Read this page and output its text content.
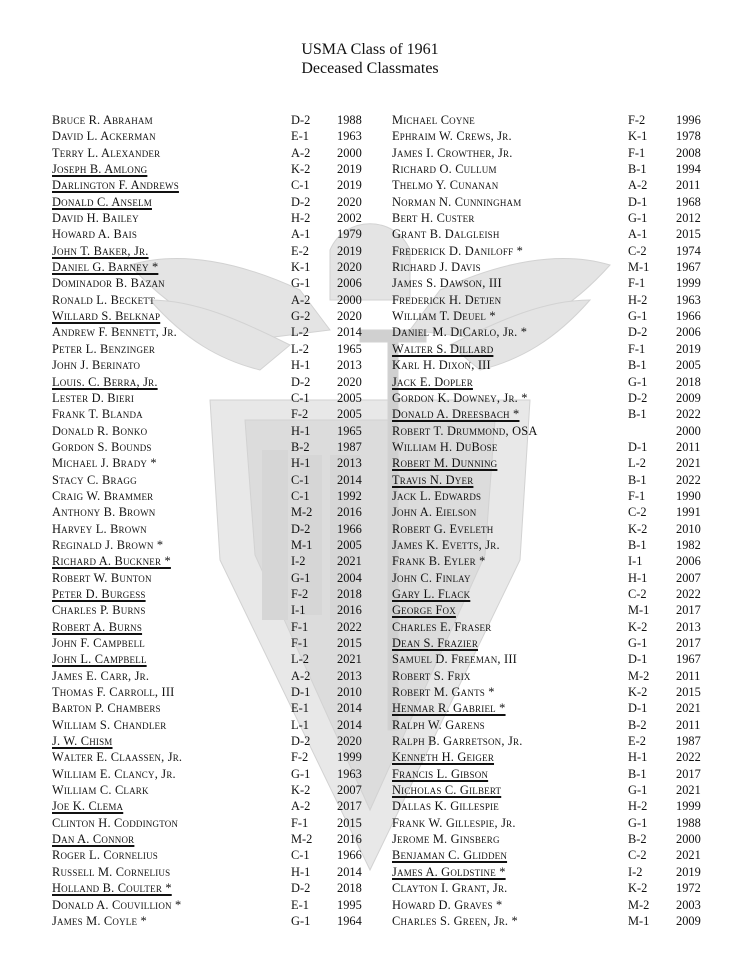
USMA Class of 1961
Deceased Classmates
Bruce R. Abraham	D-2 1988
David L. Ackerman	E-1 1963
Terry L. Alexander	A-2 2000
Joseph B. Amlong	K-2 2019
Darlington F. Andrews	C-1 2019
Donald C. Anselm	D-2 2020
David H. Bailey	H-2 2002
Howard A. Bais	A-1 1979
John T. Baker, Jr.	E-2 2019
Daniel G. Barney *	K-1 2020
Dominador B. Bazan	G-1 2006
Ronald L. Beckett	A-2 2000
Willard S. Belknap	G-2 2020
Andrew F. Bennett, Jr.	L-2 2014
Peter L. Benzinger	L-2 1965
John J. Berinato	H-1 2013
Louis. C. Berra, Jr.	D-2 2020
Lester D. Bieri	C-1 2005
Frank T. Blanda	F-2 2005
Donald R. Bonko	H-1 1965
Gordon S. Bounds	B-2 1987
Michael J. Brady *	H-1 2013
Stacy C. Bragg	C-1 2014
Craig W. Brammer	C-1 1992
Anthony B. Brown	M-2 2016
Harvey L. Brown	D-2 1966
Reginald J. Brown *	M-1 2005
Richard A. Buckner *	I-2	2021
Robert W. Bunton	G-1 2004
Peter D. Burgess	F-2 2018
Charles P. Burns	I-1	2016
Robert A. Burns	F-1 2022
John F. Campbell	F-1 2015
John L. Campbell	L-2 2021
James E. Carr, Jr.	A-2 2013
Thomas F. Carroll, III	D-1 2010
Barton P. Chambers	E-1 2014
William S. Chandler	L-1 2014
J. W. Chism	D-2 2020
Walter E. Claassen, Jr.	F-2 1999
William E. Clancy, Jr.	G-1 1963
William C. Clark	K-2 2007
Joe K. Clema	A-2 2017
Clinton H. Coddington	F-1 2015
Dan A. Connor	M-2 2016
Roger L. Cornelius	C-1 1966
Russell M. Cornelius	H-1 2014
Holland B. Coulter *	D-2 2018
Donald A. Couvillion *	E-1 1995
James M. Coyle *	G-1 1964
Michael Coyne	F-2 1996
Ephraim W. Crews, Jr.	K-1 1978
James I. Crowther, Jr.	F-1 2008
Richard O. Cullum	B-1 1994
Thelmo Y. Cunanan	A-2 2011
Norman N. Cunningham	D-1 1968
Bert H. Custer	G-1 2012
Grant B. Dalgleish	A-1 2015
Frederick D. Daniloff *	C-2 1974
Richard J. Davis	M-1 1967
James S. Dawson, III	F-1 1999
Frederick H. Detjen	H-2 1963
William T. Deuel *	G-1 1966
Daniel M. DiCarlo, Jr. *	D-2 2006
Walter S. Dillard	F-1 2019
Karl H. Dixon, III	B-1 2005
Jack E. Dopler	G-1 2018
Gordon K. Downey, Jr. *	D-2 2009
Donald A. Dreesbach *	B-1 2022
Robert T. Drummond, OSA	2000
William H. DuBose	D-1 2011
Robert M. Dunning	L-2 2021
Travis N. Dyer	B-1 2022
Jack L. Edwards	F-1 1990
John A. Eielson	C-2 1991
Robert G. Eveleth	K-2 2010
James K. Evetts, Jr.	B-1 1982
Frank B. Eyler *	I-1	2006
John C. Finlay	H-1 2007
Gary L. Flack	C-2 2022
George Fox	M-1 2017
Charles E. Fraser	K-2 2013
Dean S. Frazier	G-1 2017
Samuel D. Freeman, III	D-1 1967
Robert S. Frix	M-2 2011
Robert M. Gants *	K-2 2015
Henmar R. Gabriel *	D-1 2021
Ralph W. Garens	B-2 2011
Ralph B. Garretson, Jr.	E-2 1987
Kenneth H. Geiger	H-1 2022
Francis L. Gibson	B-1 2017
Nicholas C. Gilbert	G-1 2021
Dallas K. Gillespie	H-2 1999
Frank W. Gillespie, Jr.	G-1 1988
Jerome M. Ginsberg	B-2 2000
Benjaman C. Glidden	C-2 2021
James A. Goldstine *	I-2	2019
Clayton I. Grant, Jr.	K-2 1972
Howard D. Graves *	M-2 2003
Charles S. Green, Jr. *	M-1 2009
